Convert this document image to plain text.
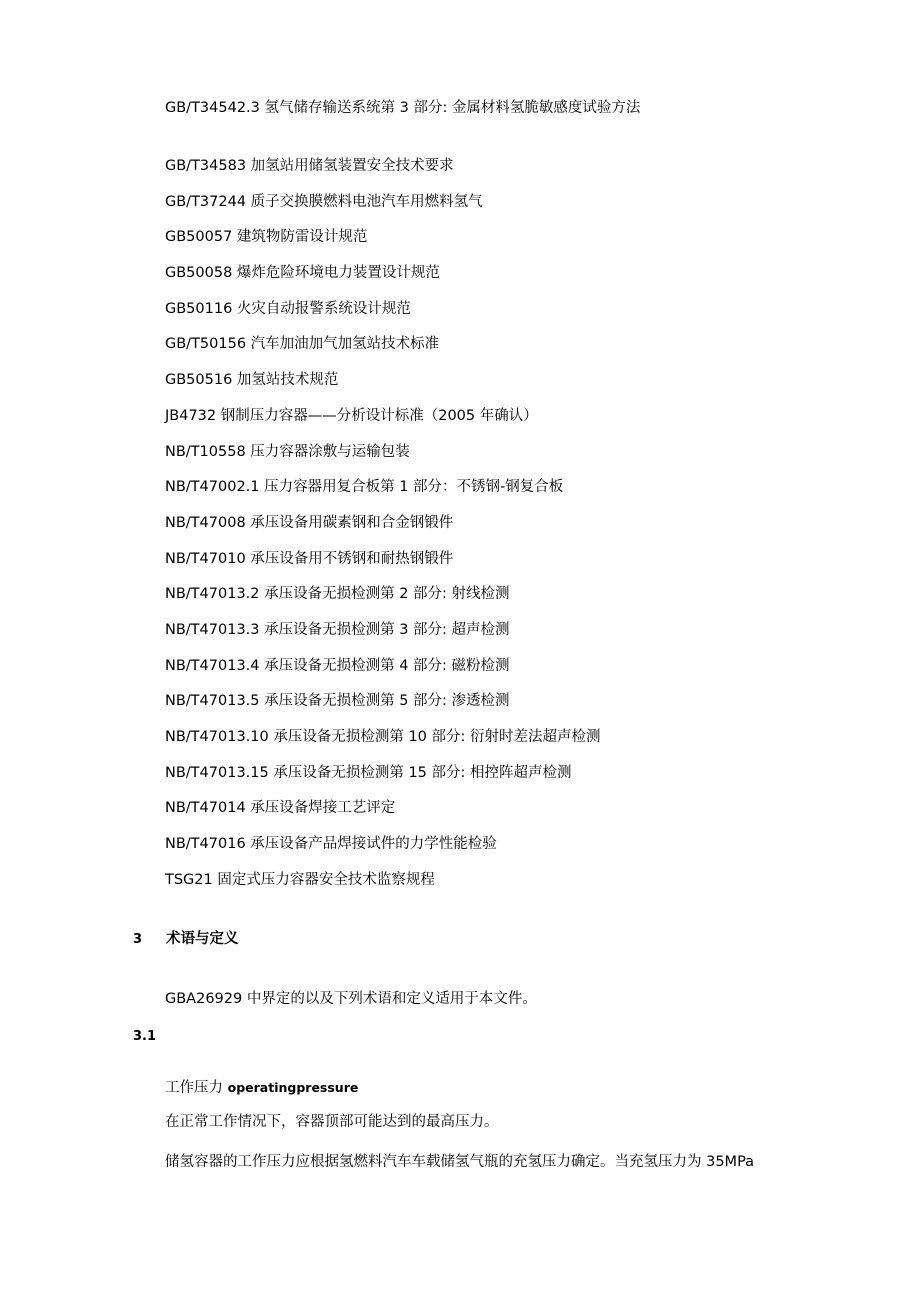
GB/T34542.3 氢气储存输送系统第 3 部分: 金属材料氢脆敏感度试验方法
GB/T34583 加氢站用储氢装置安全技术要求
GB/T37244 质子交换膜燃料电池汽车用燃料氢气
GB50057 建筑物防雷设计规范
GB50058 爆炸危险环境电力装置设计规范
GB50116 火灾自动报警系统设计规范
GB/T50156 汽车加油加气加氢站技术标准
GB50516 加氢站技术规范
JB4732 钢制压力容器——分析设计标准（2005 年确认）
NB/T10558 压力容器涂敷与运输包装
NB/T47002.1 压力容器用复合板第 1 部分：不锈钢-钢复合板
NB/T47008 承压设备用碳素钢和合金钢锻件
NB/T47010 承压设备用不锈钢和耐热钢锻件
NB/T47013.2 承压设备无损检测第 2 部分: 射线检测
NB/T47013.3 承压设备无损检测第 3 部分: 超声检测
NB/T47013.4 承压设备无损检测第 4 部分: 磁粉检测
NB/T47013.5 承压设备无损检测第 5 部分: 渗透检测
NB/T47013.10 承压设备无损检测第 10 部分: 衍射时差法超声检测
NB/T47013.15 承压设备无损检测第 15 部分: 相控阵超声检测
NB/T47014 承压设备焊接工艺评定
NB/T47016 承压设备产品焊接试件的力学性能检验
TSG21 固定式压力容器安全技术监察规程
3 术语与定义
GBA26929 中界定的以及下列术语和定义适用于本文件。
3.1
工作压力 operatingpressure
在正常工作情况下，容器顶部可能达到的最高压力。
储氢容器的工作压力应根据氢燃料汽车车载储氢气瓶的充氢压力确定。当充氢压力为 35MPa
